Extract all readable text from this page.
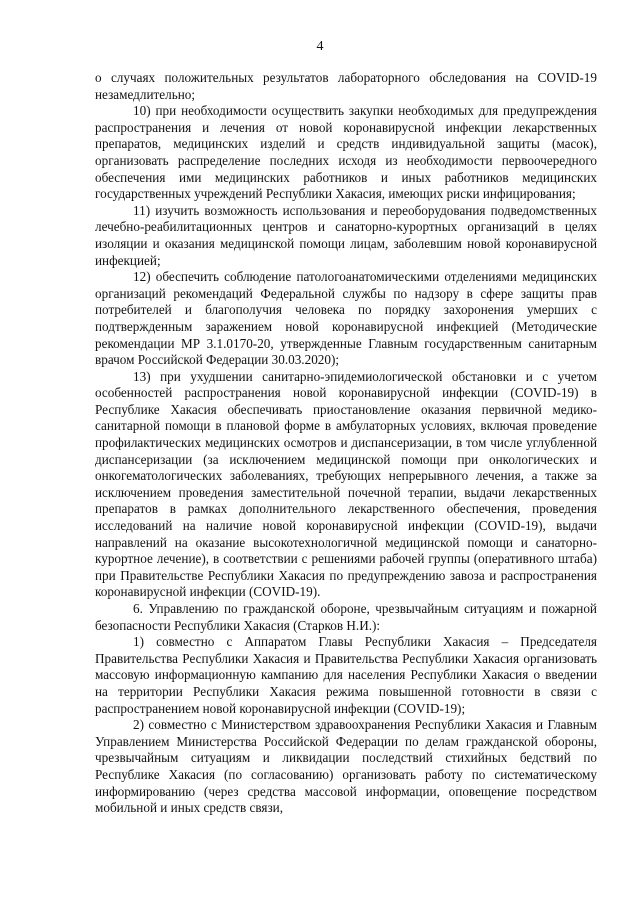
4

о случаях положительных результатов лабораторного обследования на COVID-19 незамедлительно;

10) при необходимости осуществить закупки необходимых для предупреждения распространения и лечения от новой коронавирусной инфекции лекарственных препаратов, медицинских изделий и средств индивидуальной защиты (масок), организовать распределение последних исходя из необходимости первоочередного обеспечения ими медицинских работников и иных работников медицинских государственных учреждений Республики Хакасия, имеющих риски инфицирования;

11) изучить возможность использования и переоборудования подведомственных лечебно-реабилитационных центров и санаторно-курортных организаций в целях изоляции и оказания медицинской помощи лицам, заболевшим новой коронавирусной инфекцией;

12) обеспечить соблюдение патологоанатомическими отделениями медицинских организаций рекомендаций Федеральной службы по надзору в сфере защиты прав потребителей и благополучия человека по порядку захоронения умерших с подтвержденным заражением новой коронавирусной инфекцией (Методические рекомендации МР 3.1.0170-20, утвержденные Главным государственным санитарным врачом Российской Федерации 30.03.2020);

13) при ухудшении санитарно-эпидемиологической обстановки и с учетом особенностей распространения новой коронавирусной инфекции (COVID-19) в Республике Хакасия обеспечивать приостановление оказания первичной медико-санитарной помощи в плановой форме в амбулаторных условиях, включая проведение профилактических медицинских осмотров и диспансеризации, в том числе углубленной диспансеризации (за исключением медицинской помощи при онкологических и онкогематологических заболеваниях, требующих непрерывного лечения, а также за исключением проведения заместительной почечной терапии, выдачи лекарственных препаратов в рамках дополнительного лекарственного обеспечения, проведения исследований на наличие новой коронавирусной инфекции (COVID-19), выдачи направлений на оказание высокотехнологичной медицинской помощи и санаторно-курортное лечение), в соответствии с решениями рабочей группы (оперативного штаба) при Правительстве Республики Хакасия по предупреждению завоза и распространения коронавирусной инфекции (COVID-19).

6. Управлению по гражданской обороне, чрезвычайным ситуациям и пожарной безопасности Республики Хакасия (Старков Н.И.):

1) совместно с Аппаратом Главы Республики Хакасия – Председателя Правительства Республики Хакасия и Правительства Республики Хакасия организовать массовую информационную кампанию для населения Республики Хакасия о введении на территории Республики Хакасия режима повышенной готовности в связи с распространением новой коронавирусной инфекции (COVID-19);

2) совместно с Министерством здравоохранения Республики Хакасия и Главным Управлением Министерства Российской Федерации по делам гражданской обороны, чрезвычайным ситуациям и ликвидации последствий стихийных бедствий по Республике Хакасия (по согласованию) организовать работу по систематическому информированию (через средства массовой информации, оповещение посредством мобильной и иных средств связи,
